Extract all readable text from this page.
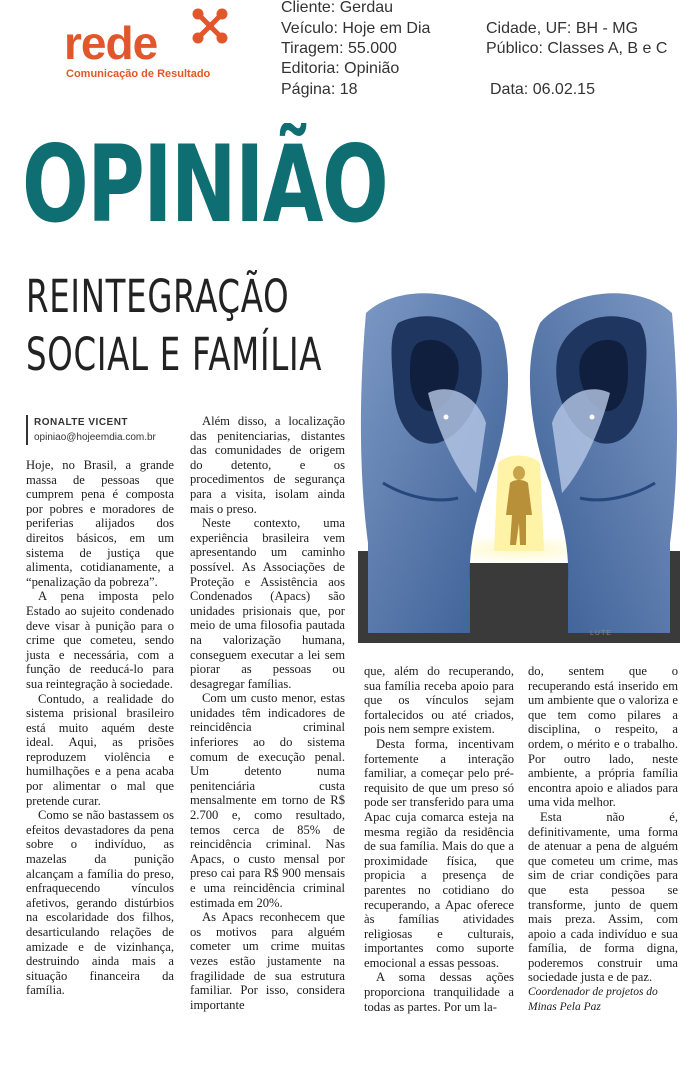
rede
Comunicação de Resultado
Cliente: Gerdau
Veículo: Hoje em Dia
Tiragem: 55.000
Editoria: Opinião
Página: 18
Cidade, UF: BH - MG
Público: Classes A, B e C
Data: 06.02.15
OPINIÃO
REINTEGRAÇÃO
SOCIAL E FAMÍLIA
RONALTE VICENT
opiniao@hojeemdia.com.br

Hoje, no Brasil, a grande massa de pessoas que cumprem pena é composta por pobres e moradores de periferias alijados dos direitos básicos, em um sistema de justiça que alimenta, cotidianamente, a “penalização da pobreza”.

A pena imposta pelo Estado ao sujeito condenado deve visar à punição para o crime que cometeu, sendo justa e necessária, com a função de reeducá-lo para sua reintegração à sociedade.

Contudo, a realidade do sistema prisional brasileiro está muito aquém deste ideal. Aqui, as prisões reproduzem violência e humilhações e a pena acaba por alimentar o mal que pretende curar.

Como se não bastassem os efeitos devastadores da pena sobre o indivíduo, as mazelas da punição alcançam a família do preso, enfraquecendo vínculos afetivos, gerando distúrbios na escolaridade dos filhos, desarticulando relações de amizade e de vizinhança, destruindo ainda mais a situação financeira da família.

Além disso, a localização das penitenciarias, distantes das comunidades de origem do detento, e os procedimentos de segurança para a visita, isolam ainda mais o preso.

Neste contexto, uma experiência brasileira vem apresentando um caminho possível. As Associações de Proteção e Assistência aos Condenados (Apacs) são unidades prisionais que, por meio de uma filosofia pautada na valorização humana, conseguem executar a lei sem piorar as pessoas ou desagregar famílias.

Com um custo menor, estas unidades têm indicadores de reincidência criminal inferiores ao do sistema comum de execução penal. Um detento numa penitenciária custa mensalmente em torno de R$ 2.700 e, como resultado, temos cerca de 85% de reincidência criminal. Nas Apacs, o custo mensal por preso cai para R$ 900 mensais e uma reincidência criminal estimada em 20%.

As Apacs reconhecem que os motivos para alguém cometer um crime muitas vezes estão justamente na fragilidade de sua estrutura familiar. Por isso, considera importante

que, além do recuperando, sua família receba apoio para que os vínculos sejam fortalecidos ou até criados, pois nem sempre existem.

Desta forma, incentivam fortemente a interação familiar, a começar pelo pré-requisito de que um preso só pode ser transferido para uma Apac cuja comarca esteja na mesma região da residência de sua família. Mais do que a proximidade física, que propicia a presença de parentes no cotidiano do recuperando, a Apac oferece às famílias atividades religiosas e culturais, importantes como suporte emocional a essas pessoas.

A soma dessas ações proporciona tranquilidade a todas as partes. Por um la-

do, sentem que o recuperando está inserido em um ambiente que o valoriza e que tem como pilares a disciplina, o respeito, a ordem, o mérito e o trabalho. Por outro lado, neste ambiente, a própria família encontra apoio e aliados para uma vida melhor.

Esta não é, definitivamente, uma forma de atenuar a pena de alguém que cometeu um crime, mas sim de criar condições para que esta pessoa se transforme, junto de quem mais preza. Assim, com apoio a cada indivíduo e sua família, de forma digna, poderemos construir uma sociedade justa e de paz.

Coordenador de projetos do Minas Pela Paz

LUTE
